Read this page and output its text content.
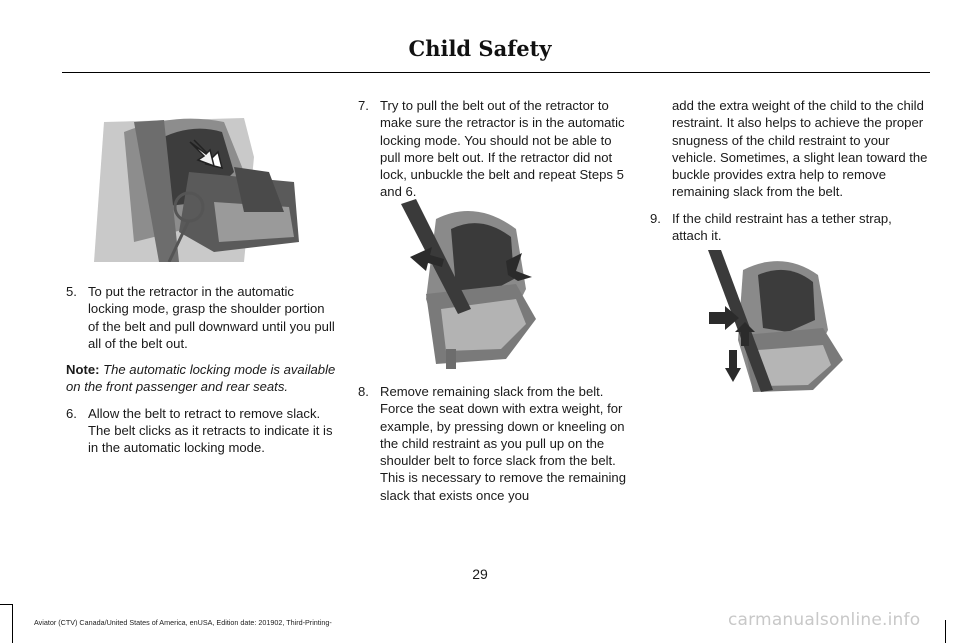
Child Safety
5. To put the retractor in the automatic locking mode, grasp the shoulder portion of the belt and pull downward until you pull all of the belt out.
Note: The automatic locking mode is available on the front passenger and rear seats.
6. Allow the belt to retract to remove slack. The belt clicks as it retracts to indicate it is in the automatic locking mode.
7. Try to pull the belt out of the retractor to make sure the retractor is in the automatic locking mode. You should not be able to pull more belt out. If the retractor did not lock, unbuckle the belt and repeat Steps 5 and 6.
8. Remove remaining slack from the belt. Force the seat down with extra weight, for example, by pressing down or kneeling on the child restraint as you pull up on the shoulder belt to force slack from the belt. This is necessary to remove the remaining slack that exists once you

add the extra weight of the child to the child restraint. It also helps to achieve the proper snugness of the child restraint to your vehicle. Sometimes, a slight lean toward the buckle provides extra help to remove remaining slack from the belt.

9. If the child restraint has a tether strap, attach it.
29
Aviator (CTV) Canada/United States of America, enUSA, Edition date: 201902, Third-Printing-	carmanualsonline.info
